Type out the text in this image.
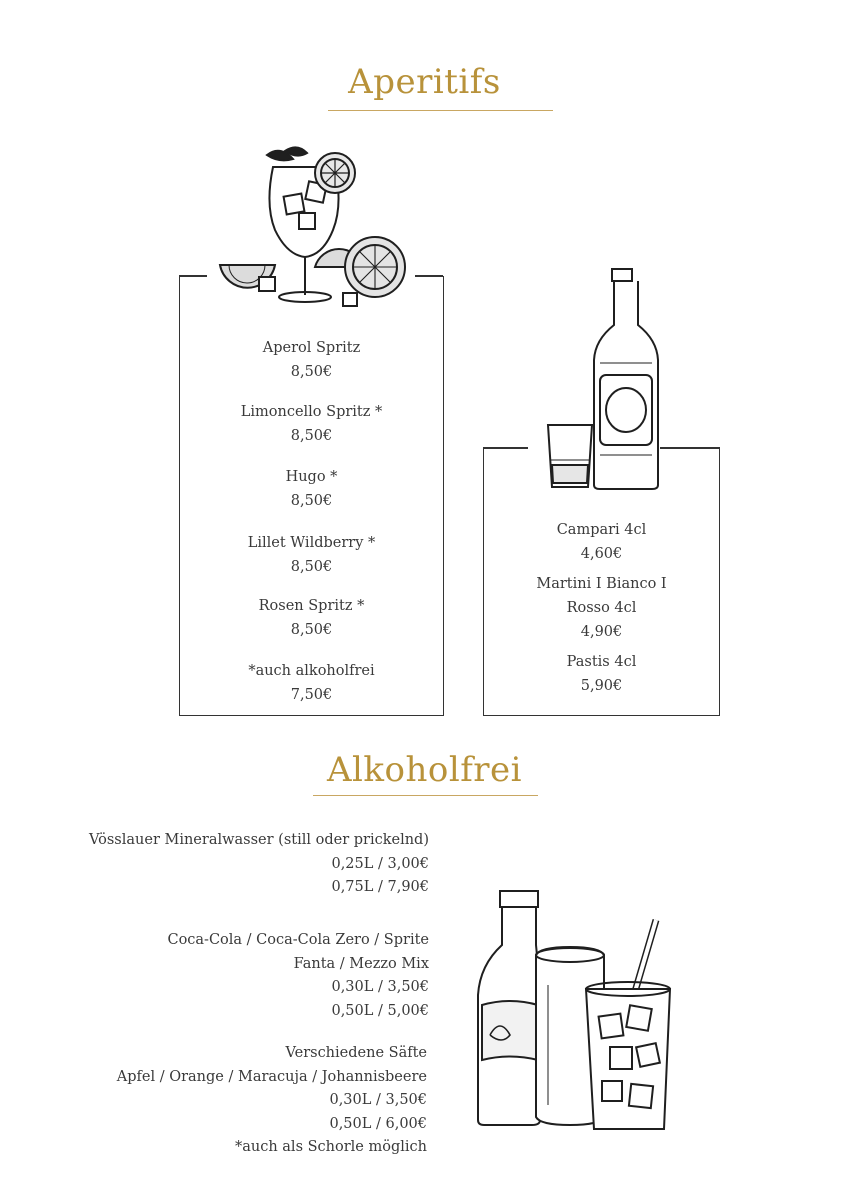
Aperitifs
Aperol Spritz
8,50€
Limoncello Spritz *
8,50€
Hugo *
8,50€
Lillet Wildberry *
8,50€
Rosen Spritz *
8,50€
*auch alkoholfrei
7,50€
Campari 4cl
4,60€
Martini I Bianco I
Rosso 4cl
4,90€
Pastis 4cl
5,90€
Alkoholfrei
Vösslauer Mineralwasser (still oder prickelnd)
0,25L / 3,00€
0,75L / 7,90€
Coca-Cola / Coca-Cola Zero / Sprite
Fanta / Mezzo Mix
0,30L / 3,50€
0,50L / 5,00€
Verschiedene Säfte
Apfel / Orange / Maracuja / Johannisbeere
0,30L / 3,50€
0,50L / 6,00€
*auch als Schorle möglich
